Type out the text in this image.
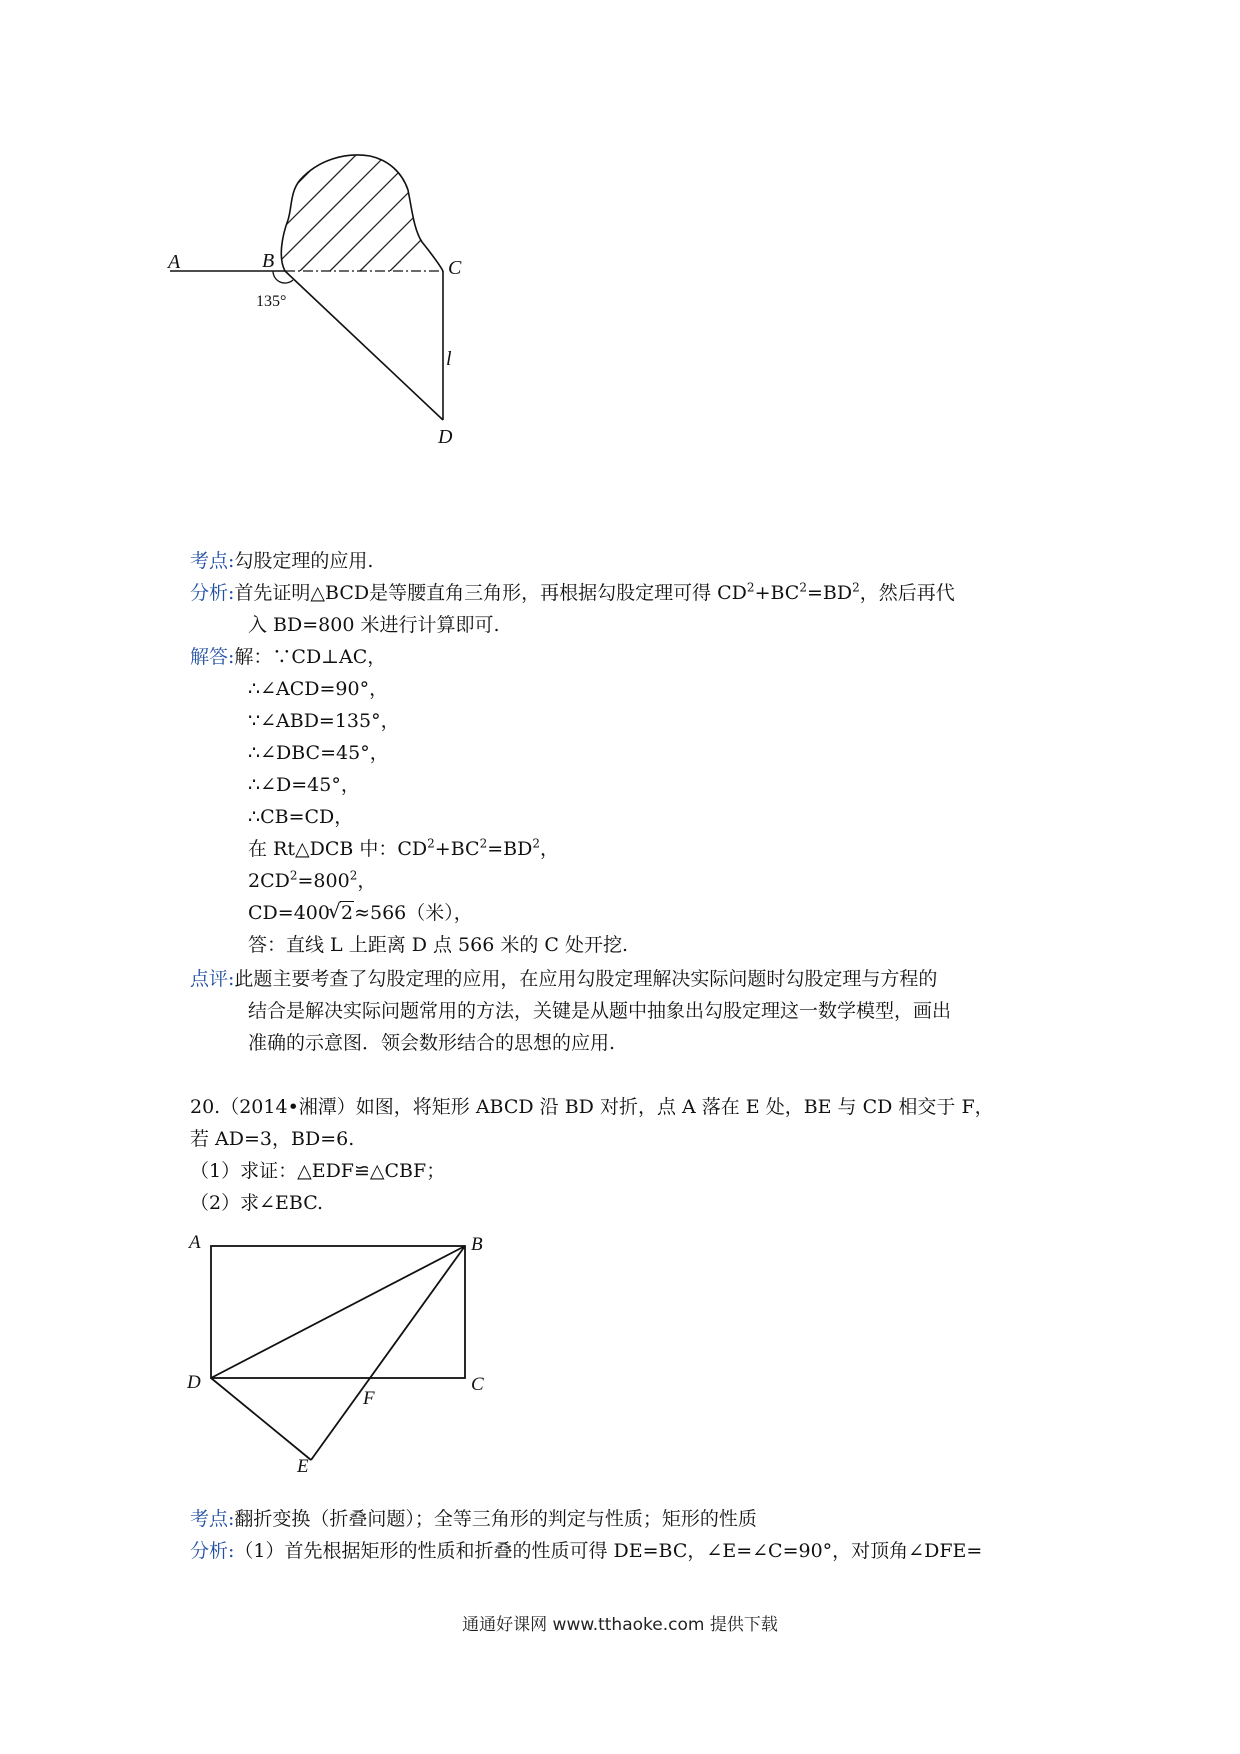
A	B	C
D
l
135°
考点:勾股定理的应用.
分析:首先证明△BCD是等腰直角三角形，再根据勾股定理可得 $CD^2+BC^2=BD^2$，然后再代
入 BD=800 米进行计算即可.
解答:解：∵CD⊥AC，
∴∠ACD=90°，
∵∠ABD=135°，
∴∠DBC=45°，
∴∠D=45°，
∴CB=CD，
在 Rt△DCB 中：$CD^2+BC^2=BD^2$，
$2CD^2=800^2$，
CD=400√ 2≈566（米），
答：直线 L 上距离 D 点 566 米的 C 处开挖.
点评:此题主要考查了勾股定理的应用，在应用勾股定理解决实际问题时勾股定理与方程的
结合是解决实际问题常用的方法，关键是从题中抽象出勾股定理这一数学模型，画出
准确的示意图．领会数形结合的思想的应用.
20.（2014•湘潭）如图，将矩形 ABCD 沿 BD 对折，点 A 落在 E 处，BE 与 CD 相交于 F，
若 AD=3，BD=6.
（1）求证：△EDF≌△CBF；
（2）求∠EBC.
A	B
C
D
E
F
考点:翻折变换（折叠问题）；全等三角形的判定与性质；矩形的性质
分析:（1）首先根据矩形的性质和折叠的性质可得 DE=BC，∠E=∠C=90°，对顶角∠DFE=
通通好课网 www.tthaoke.com 提供下载
